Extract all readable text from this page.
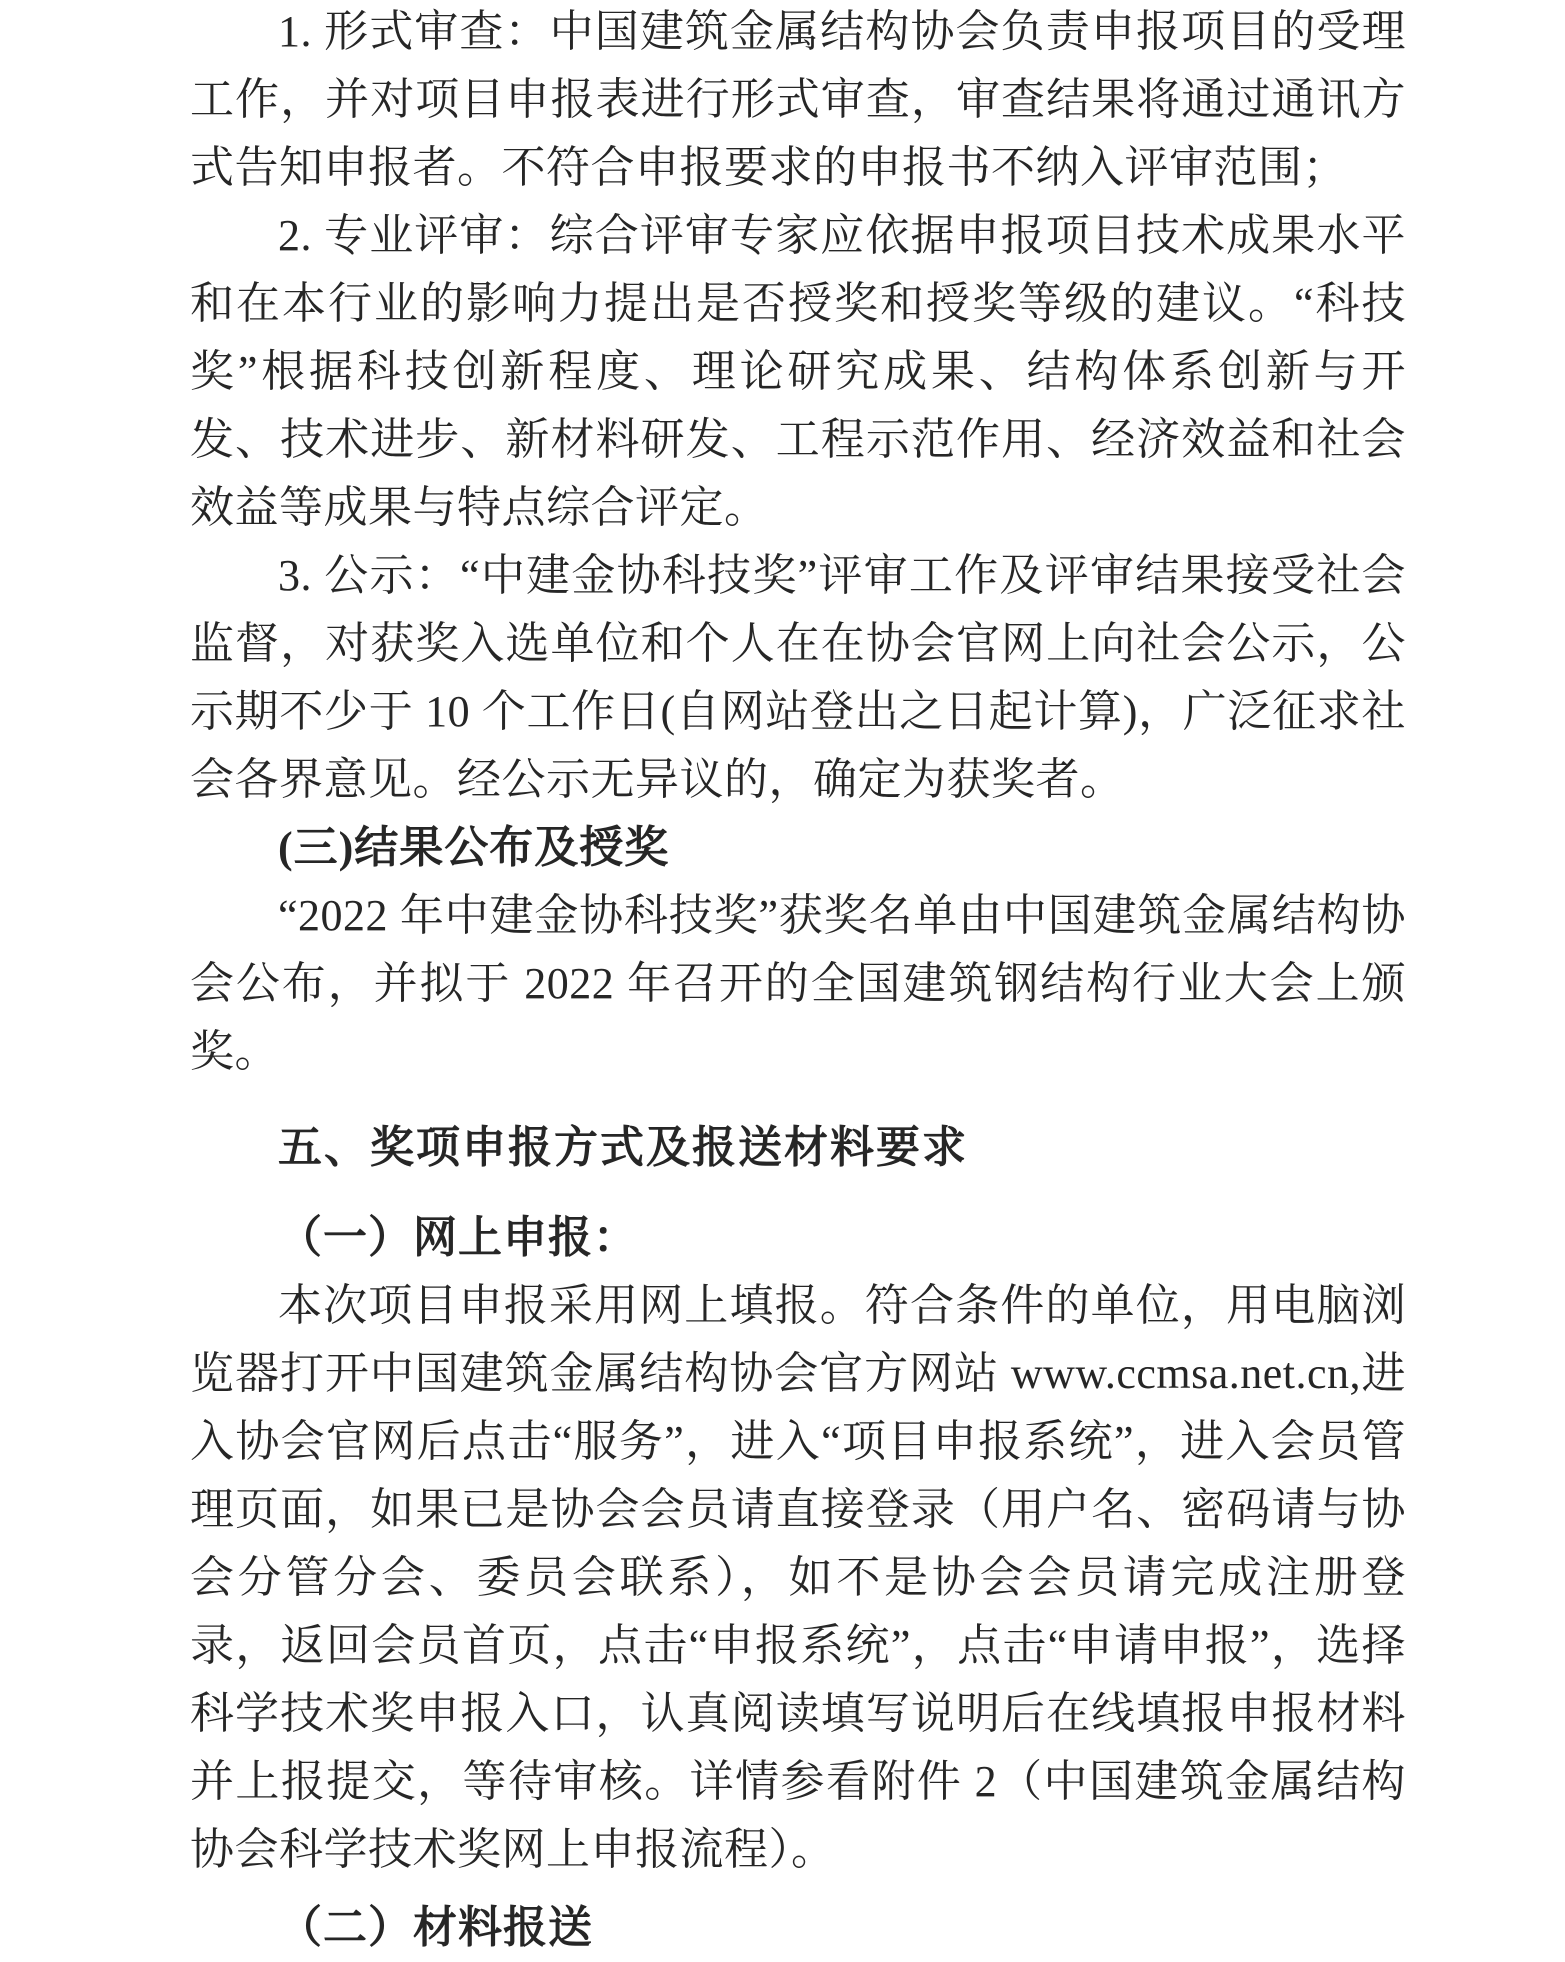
1. 形式审查：中国建筑金属结构协会负责申报项目的受理工作，并对项目申报表进行形式审查，审查结果将通过通讯方式告知申报者。不符合申报要求的申报书不纳入评审范围；

2. 专业评审：综合评审专家应依据申报项目技术成果水平和在本行业的影响力提出是否授奖和授奖等级的建议。“科技奖”根据科技创新程度、理论研究成果、结构体系创新与开发、技术进步、新材料研发、工程示范作用、经济效益和社会效益等成果与特点综合评定。

3. 公示：“中建金协科技奖”评审工作及评审结果接受社会监督，对获奖入选单位和个人在在协会官网上向社会公示，公示期不少于 10 个工作日(自网站登出之日起计算)，广泛征求社会各界意见。经公示无异议的，确定为获奖者。

(三)结果公布及授奖

“2022 年中建金协科技奖”获奖名单由中国建筑金属结构协会公布，并拟于 2022 年召开的全国建筑钢结构行业大会上颁奖。

五、奖项申报方式及报送材料要求

（一）网上申报：

本次项目申报采用网上填报。符合条件的单位，用电脑浏览器打开中国建筑金属结构协会官方网站 www.ccmsa.net.cn,进入协会官网后点击“服务”，进入“项目申报系统”，进入会员管理页面，如果已是协会会员请直接登录（用户名、密码请与协会分管分会、委员会联系），如不是协会会员请完成注册登录，返回会员首页，点击“申报系统”，点击“申请申报”，选择科学技术奖申报入口，认真阅读填写说明后在线填报申报材料并上报提交，等待审核。详情参看附件 2（中国建筑金属结构协会科学技术奖网上申报流程）。

（二）材料报送
